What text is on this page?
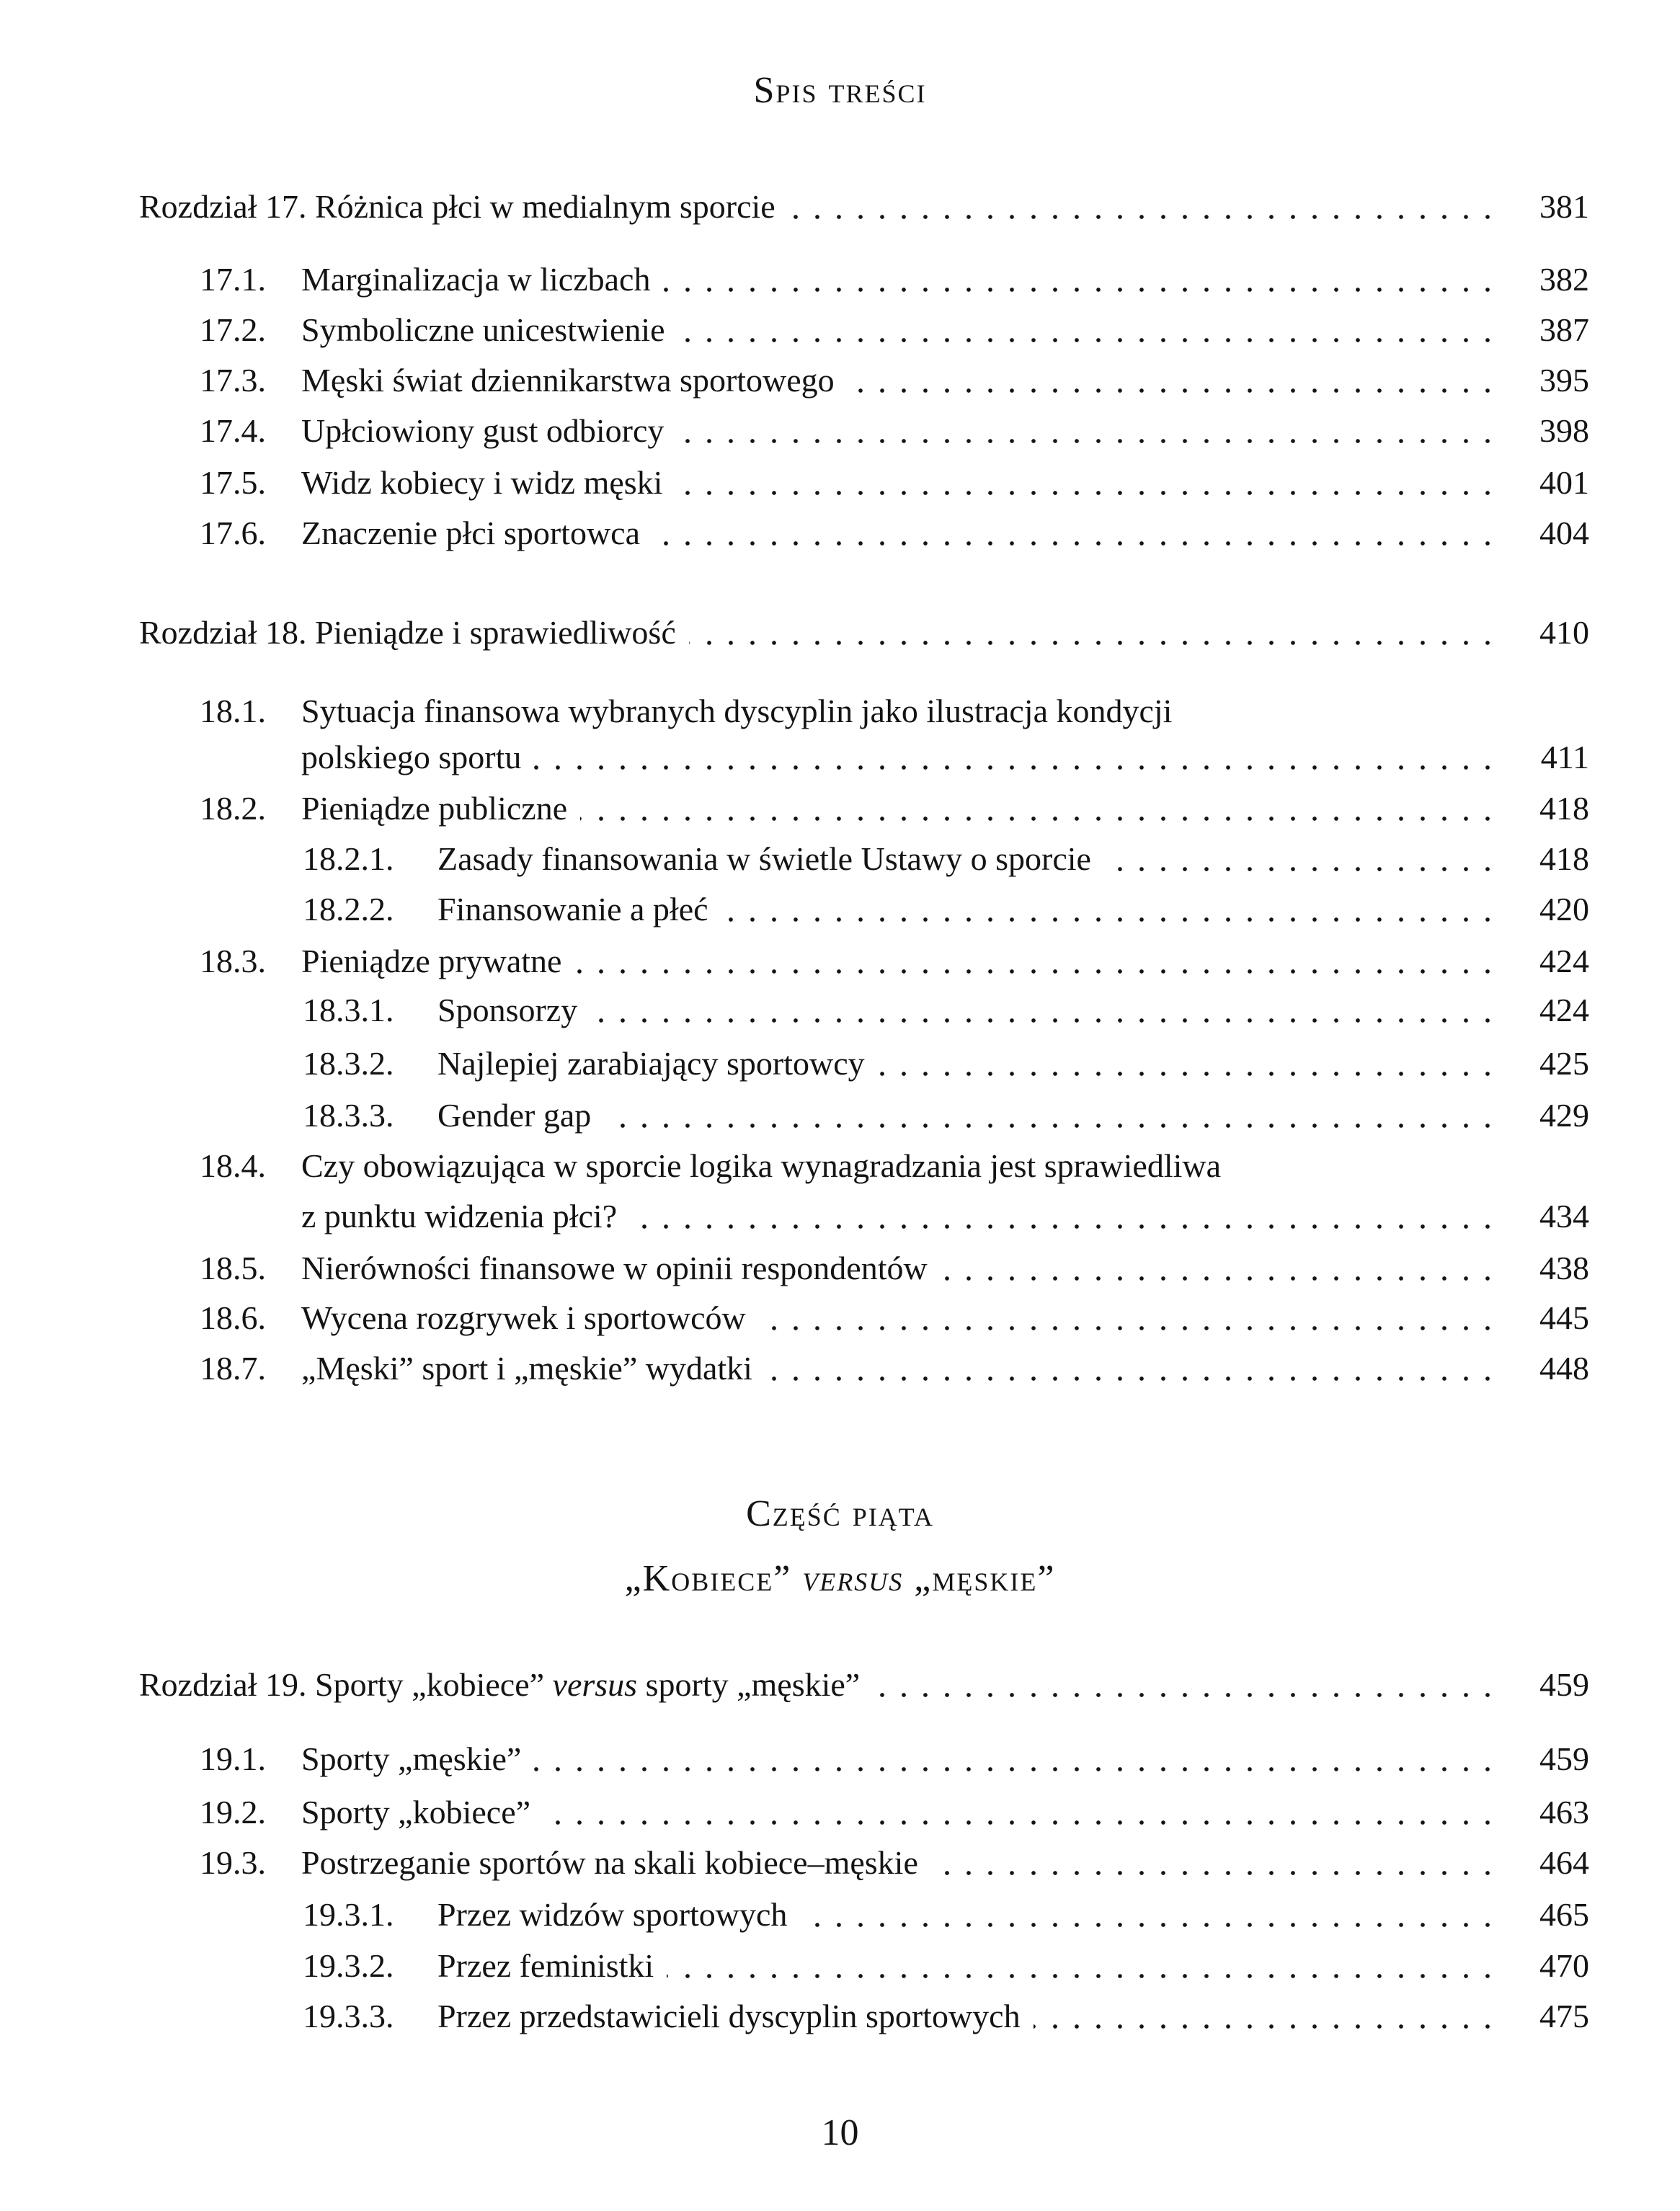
Spis treści
Rozdział 17. Różnica płci w medialnym sporcie	381
17.1. Marginalizacja w liczbach	382
17.2. Symboliczne unicestwienie	387
17.3. Męski świat dziennikarstwa sportowego	395
17.4. Upłciowiony gust odbiorcy	398
17.5. Widz kobiecy i widz męski	401
17.6. Znaczenie płci sportowca	404
Rozdział 18. Pieniądze i sprawiedliwość	410
18.1. Sytuacja finansowa wybranych dyscyplin jako ilustracja kondycji
polskiego sportu	411
18.2. Pieniądze publiczne	418
18.2.1. Zasady finansowania w świetle Ustawy o sporcie	418
18.2.2. Finansowanie a płeć	420
18.3. Pieniądze prywatne	424
18.3.1. Sponsorzy	424
18.3.2. Najlepiej zarabiający sportowcy	425
18.3.3. Gender gap	429
18.4. Czy obowiązująca w sporcie logika wynagradzania jest sprawiedliwa
z punktu widzenia płci?	434
18.5. Nierówności finansowe w opinii respondentów	438
18.6. Wycena rozgrywek i sportowców	445
18.7. „Męski” sport i „męskie” wydatki	448
Część piąta
„Kobiece” versus „męskie”
Rozdział 19. Sporty „kobiece” versus sporty „męskie”	459
19.1. Sporty „męskie”	459
19.2. Sporty „kobiece”	463
19.3. Postrzeganie sportów na skali kobiece–męskie	464
19.3.1. Przez widzów sportowych	465
19.3.2. Przez feministki	470
19.3.3. Przez przedstawicieli dyscyplin sportowych	475
10
